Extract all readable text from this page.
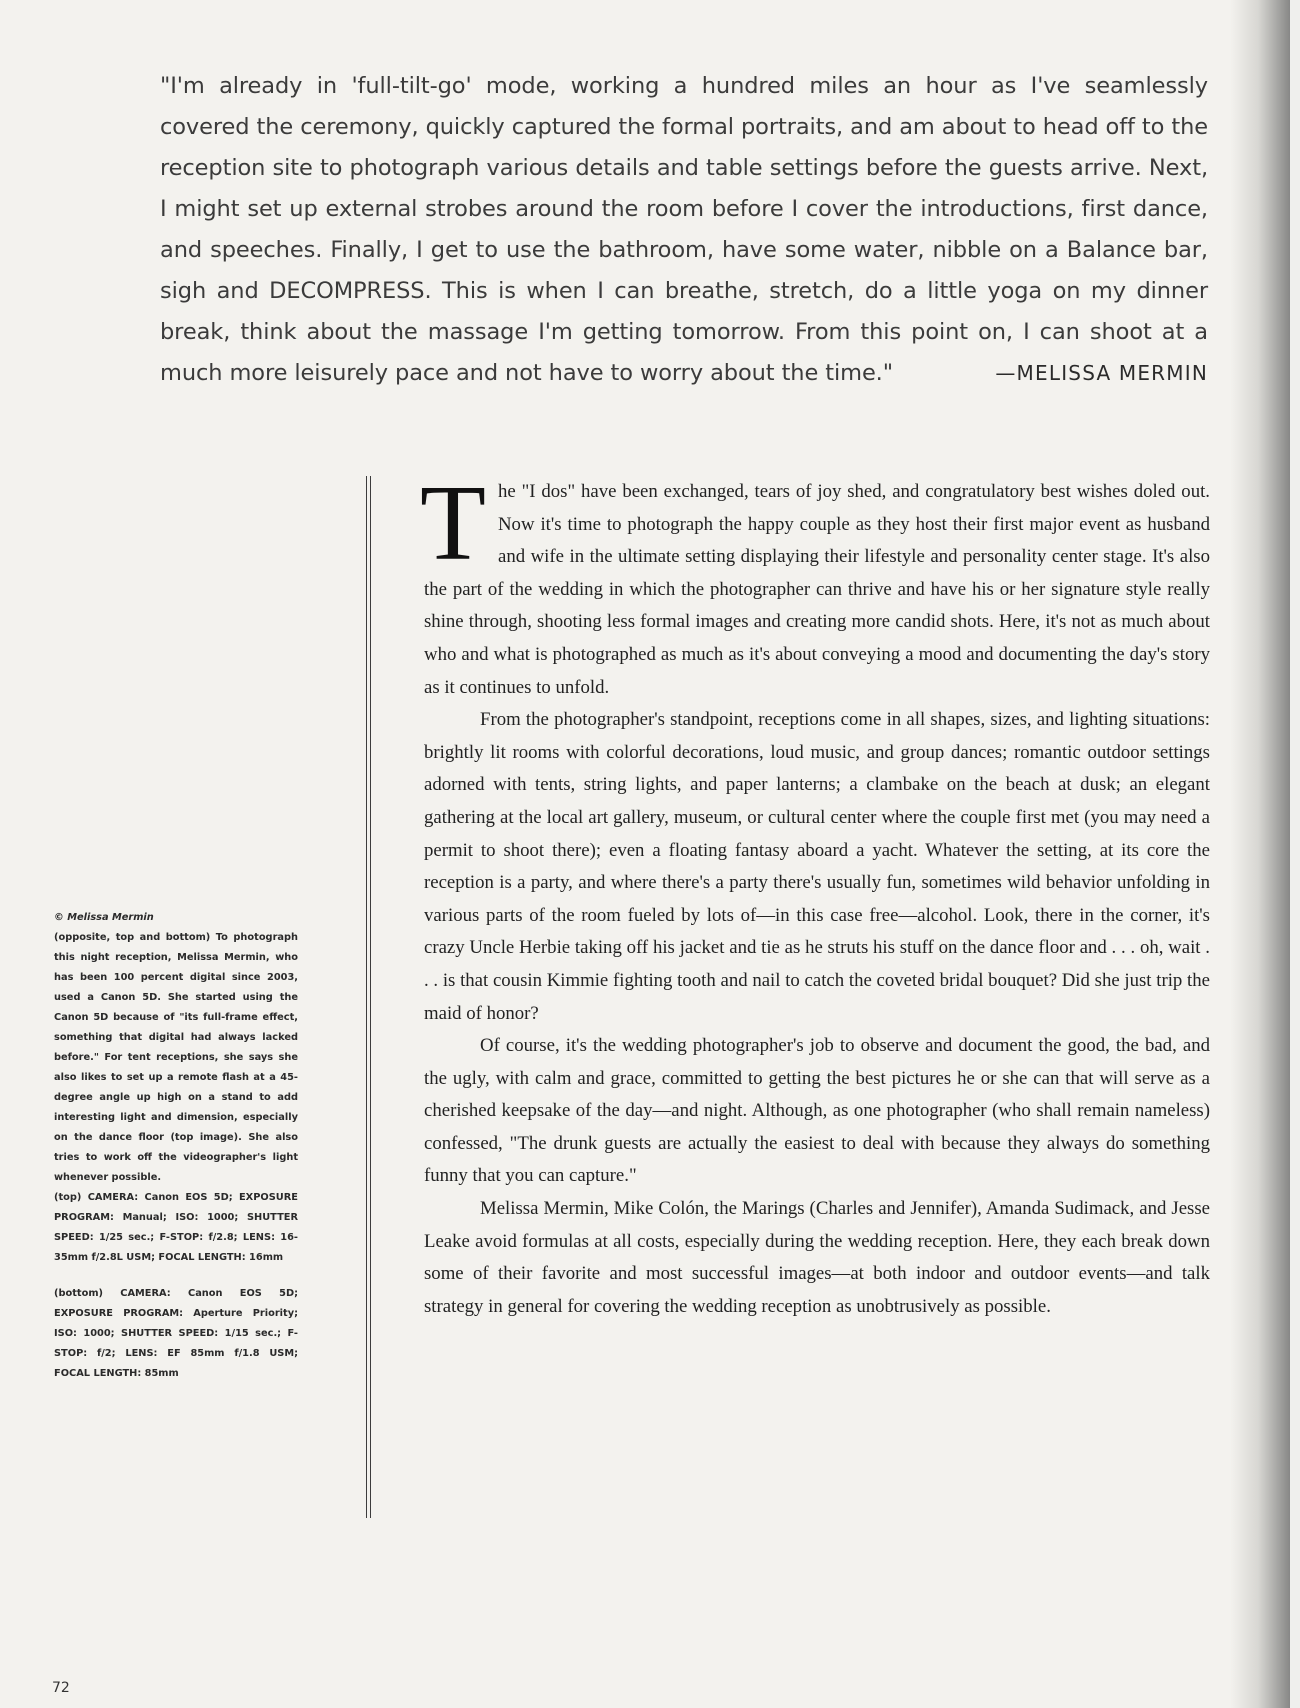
"I'm already in 'full-tilt-go' mode, working a hundred miles an hour as I've seamlessly covered the ceremony, quickly captured the formal portraits, and am about to head off to the reception site to photograph various details and table settings before the guests arrive. Next, I might set up external strobes around the room before I cover the introductions, first dance, and speeches. Finally, I get to use the bathroom, have some water, nibble on a Balance bar, sigh and DECOMPRESS. This is when I can breathe, stretch, do a little yoga on my dinner break, think about the massage I'm getting tomorrow. From this point on, I can shoot at a much more leisurely pace and not have to worry about the time."	—MELISSA MERMIN

The "I dos" have been exchanged, tears of joy shed, and congratulatory best wishes doled out. Now it's time to photograph the happy couple as they host their first major event as husband and wife in the ultimate setting displaying their lifestyle and personality center stage. It's also the part of the wedding in which the photographer can thrive and have his or her signature style really shine through, shooting less formal images and creating more candid shots. Here, it's not as much about who and what is photographed as much as it's about conveying a mood and documenting the day's story as it continues to unfold.

From the photographer's standpoint, receptions come in all shapes, sizes, and lighting situations: brightly lit rooms with colorful decorations, loud music, and group dances; romantic outdoor settings adorned with tents, string lights, and paper lanterns; a clambake on the beach at dusk; an elegant gathering at the local art gallery, museum, or cultural center where the couple first met (you may need a permit to shoot there); even a floating fantasy aboard a yacht. Whatever the setting, at its core the reception is a party, and where there's a party there's usually fun, sometimes wild behavior unfolding in various parts of the room fueled by lots of—in this case free—alcohol. Look, there in the corner, it's crazy Uncle Herbie taking off his jacket and tie as he struts his stuff on the dance floor and . . . oh, wait . . . is that cousin Kimmie fighting tooth and nail to catch the coveted bridal bouquet? Did she just trip the maid of honor?

Of course, it's the wedding photographer's job to observe and document the good, the bad, and the ugly, with calm and grace, committed to getting the best pictures he or she can that will serve as a cherished keepsake of the day—and night. Although, as one photographer (who shall remain nameless) confessed, "The drunk guests are actually the easiest to deal with because they always do something funny that you can capture."

Melissa Mermin, Mike Colón, the Marings (Charles and Jennifer), Amanda Sudimack, and Jesse Leake avoid formulas at all costs, especially during the wedding reception. Here, they each break down some of their favorite and most successful images—at both indoor and outdoor events—and talk strategy in general for covering the wedding reception as unobtrusively as possible.

© Melissa Mermin

(opposite, top and bottom) To photograph this night reception, Melissa Mermin, who has been 100 percent digital since 2003, used a Canon 5D. She started using the Canon 5D because of "its full-frame effect, something that digital had always lacked before." For tent receptions, she says she also likes to set up a remote flash at a 45-degree angle up high on a stand to add interesting light and dimension, especially on the dance floor (top image). She also tries to work off the videographer's light whenever possible.

(top) CAMERA: Canon EOS 5D; EXPOSURE PROGRAM: Manual; ISO: 1000; SHUTTER SPEED: 1/25 sec.; F-STOP: f/2.8; LENS: 16-35mm f/2.8L USM; FOCAL LENGTH: 16mm

(bottom) CAMERA: Canon EOS 5D; EXPOSURE PROGRAM: Aperture Priority; ISO: 1000; SHUTTER SPEED: 1/15 sec.; F-STOP: f/2; LENS: EF 85mm f/1.8 USM; FOCAL LENGTH: 85mm

72
